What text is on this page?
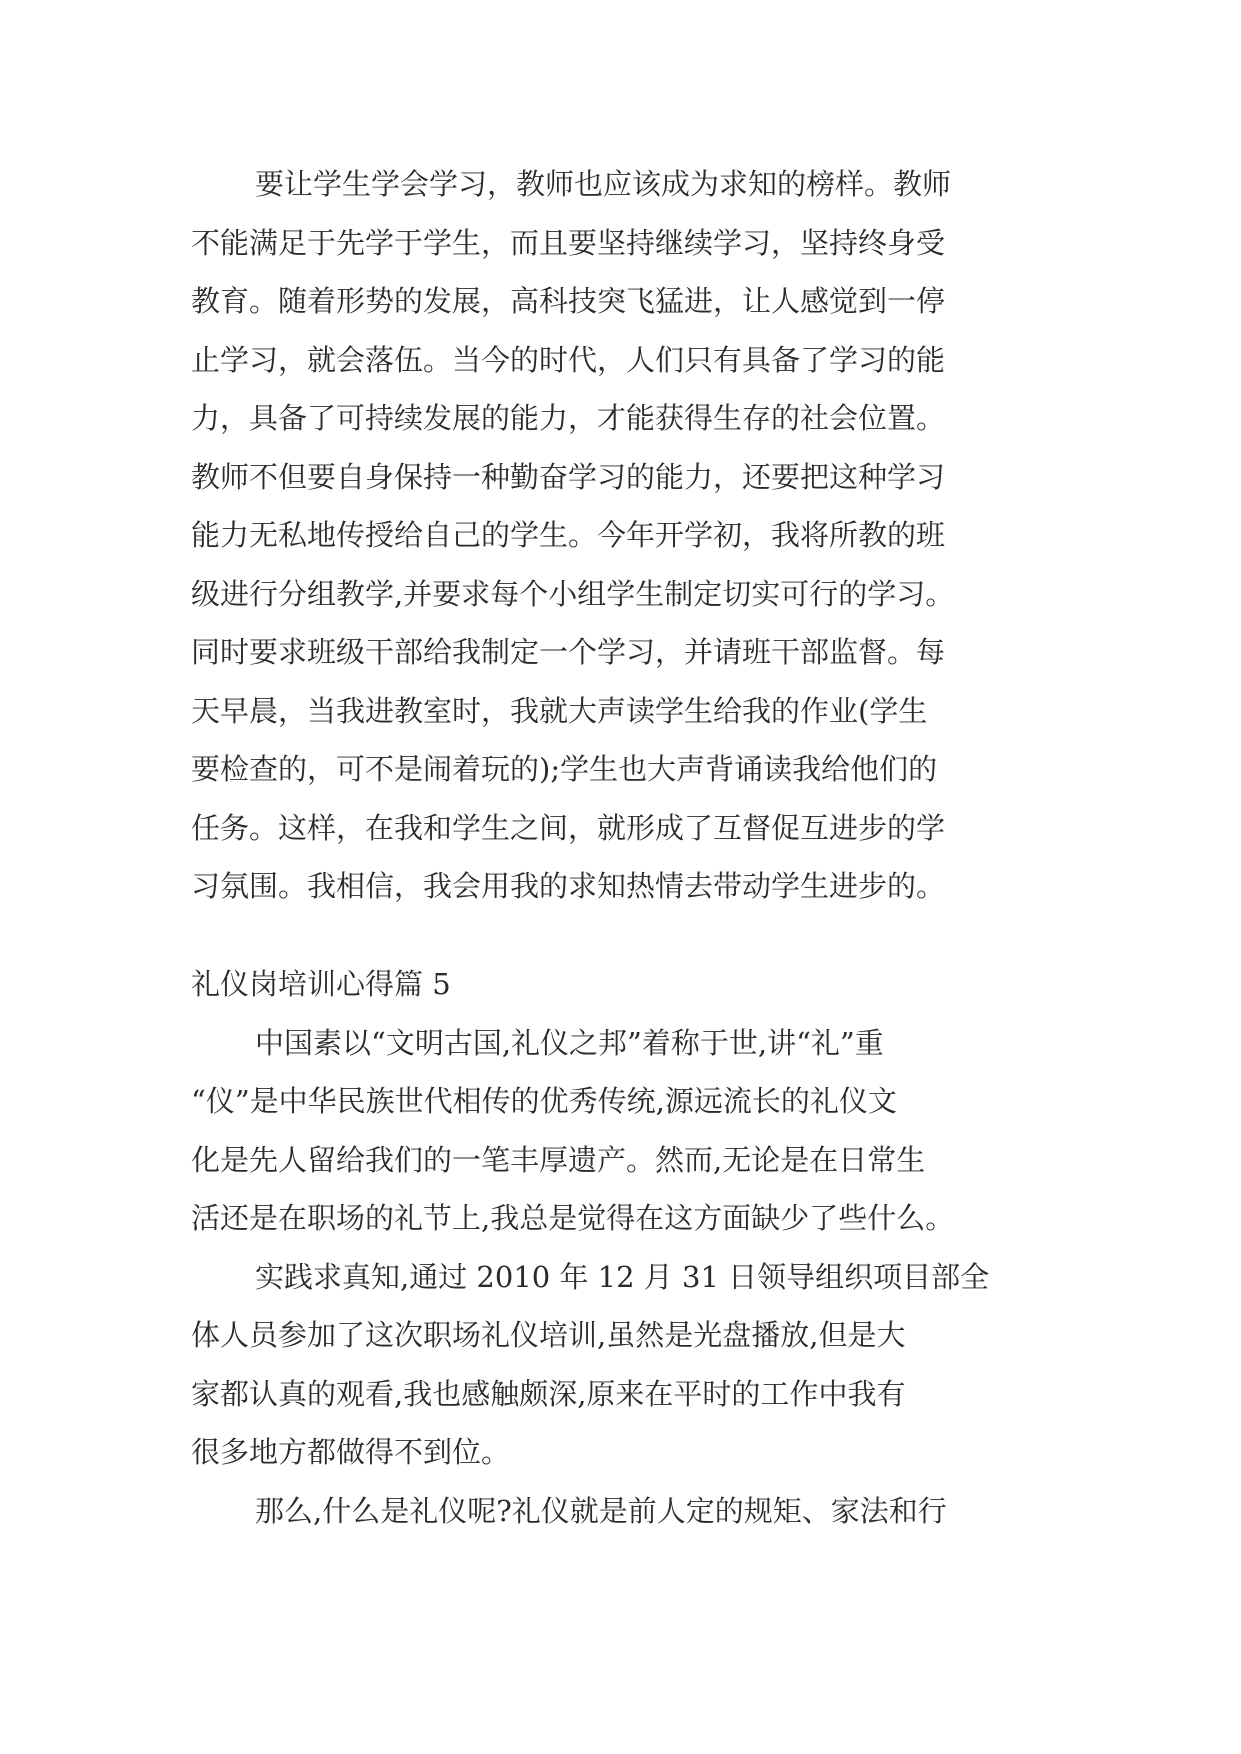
要让学生学会学习，教师也应该成为求知的榜样。教师
不能满足于先学于学生，而且要坚持继续学习，坚持终身受
教育。随着形势的发展，高科技突飞猛进，让人感觉到一停
止学习，就会落伍。当今的时代，人们只有具备了学习的能
力，具备了可持续发展的能力，才能获得生存的社会位置。
教师不但要自身保持一种勤奋学习的能力，还要把这种学习
能力无私地传授给自己的学生。今年开学初，我将所教的班
级进行分组教学,并要求每个小组学生制定切实可行的学习。
同时要求班级干部给我制定一个学习，并请班干部监督。每
天早晨，当我进教室时，我就大声读学生给我的作业(学生
要检查的，可不是闹着玩的);学生也大声背诵读我给他们的
任务。这样，在我和学生之间，就形成了互督促互进步的学
习氛围。我相信，我会用我的求知热情去带动学生进步的。
礼仪岗培训心得篇 5
中国素以“文明古国,礼仪之邦”着称于世,讲“礼”重
“仪”是中华民族世代相传的优秀传统,源远流长的礼仪文
化是先人留给我们的一笔丰厚遗产。然而,无论是在日常生
活还是在职场的礼节上,我总是觉得在这方面缺少了些什么。
实践求真知,通过 2010 年 12 月 31 日领导组织项目部全
体人员参加了这次职场礼仪培训,虽然是光盘播放,但是大
家都认真的观看,我也感触颇深,原来在平时的工作中我有
很多地方都做得不到位。
那么,什么是礼仪呢?礼仪就是前人定的规矩、家法和行
